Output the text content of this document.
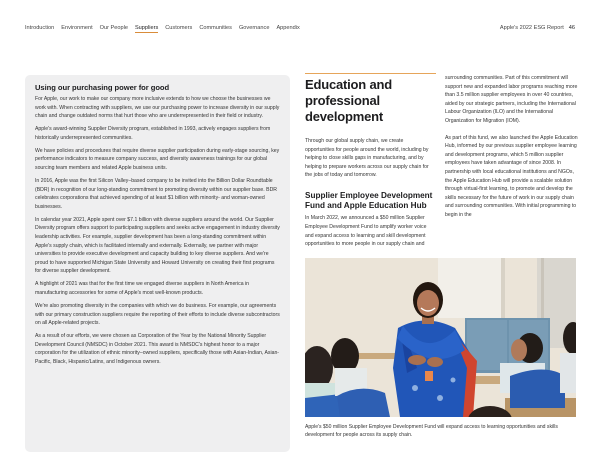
Introduction Environment Our People Suppliers Customers Communities Governance Appendix	Apple's 2022 ESG Report 46
Using our purchasing power for good

For Apple, our work to make our company more inclusive extends to how we choose the businesses we work with. When contracting with suppliers, we use our purchasing power to increase diversity in our supply chain and change outdated norms that hurt those who are underrepresented in their field or industry.

Apple's award-winning Supplier Diversity program, established in 1993, actively engages suppliers from historically underrepresented communities.

We have policies and procedures that require diverse supplier participation during early-stage sourcing, key performance indicators to measure company success, and diversity awareness trainings for our global sourcing team members and related Apple business units.

In 2016, Apple was the first Silicon Valley–based company to be invited into the Billion Dollar Roundtable (BDR) in recognition of our long-standing commitment to promoting diversity within our supplier base. BDR celebrates corporations that achieved spending of at least $1 billion with minority- and woman-owned businesses.

In calendar year 2021, Apple spent over $7.1 billion with diverse suppliers around the world. Our Supplier Diversity program offers support to participating suppliers and seeks active engagement in industry diversity leadership activities. For example, supplier development has been a long-standing commitment within Apple's supply chain, which is facilitated internally and externally. Externally, we partner with major universities to provide executive development and capacity building to key diverse suppliers. And we're proud to have supported Michigan State University and Howard University on creating their first programs for diverse supplier development.

A highlight of 2021 was that for the first time we engaged diverse suppliers in North America in manufacturing accessories for some of Apple's most well-known products.

We're also promoting diversity in the companies with which we do business. For example, our agreements with our primary construction suppliers require the reporting of their efforts to include diverse subcontractors on all Apple-related projects.

As a result of our efforts, we were chosen as Corporation of the Year by the National Minority Supplier Development Council (NMSDC) in October 2021. This award is NMSDC's highest honor to a major corporation for the utilization of ethnic minority–owned suppliers, specifically those with Asian-Indian, Asian-Pacific, Black, Hispanic/Latinx, and Indigenous owners.

Education and professional development

Through our global supply chain, we create opportunities for people around the world, including by helping to close skills gaps in manufacturing, and by helping to prepare workers across our supply chain for the jobs of today and tomorrow.

Supplier Employee Development Fund and Apple Education Hub

In March 2022, we announced a $50 million Supplier Employee Development Fund to amplify worker voice and expand access to learning and skill development opportunities to more people in our supply chain and

surrounding communities. Part of this commitment will support new and expanded labor programs reaching more than 3.5 million supplier employees in over 40 countries, aided by our strategic partners, including the International Labour Organization (ILO) and the International Organization for Migration (IOM).

As part of this fund, we also launched the Apple Education Hub, informed by our previous supplier employee learning and development programs, which 5 million supplier employees have taken advantage of since 2008. In partnership with local educational institutions and NGOs, the Apple Education Hub will provide a scalable solution through virtual-first learning, to promote and develop the skills necessary for the future of work in our supply chain and surrounding communities. With initial programming to begin in the

Apple's $50 million Supplier Employee Development Fund will expand access to learning opportunities and skills development for people across its supply chain.
